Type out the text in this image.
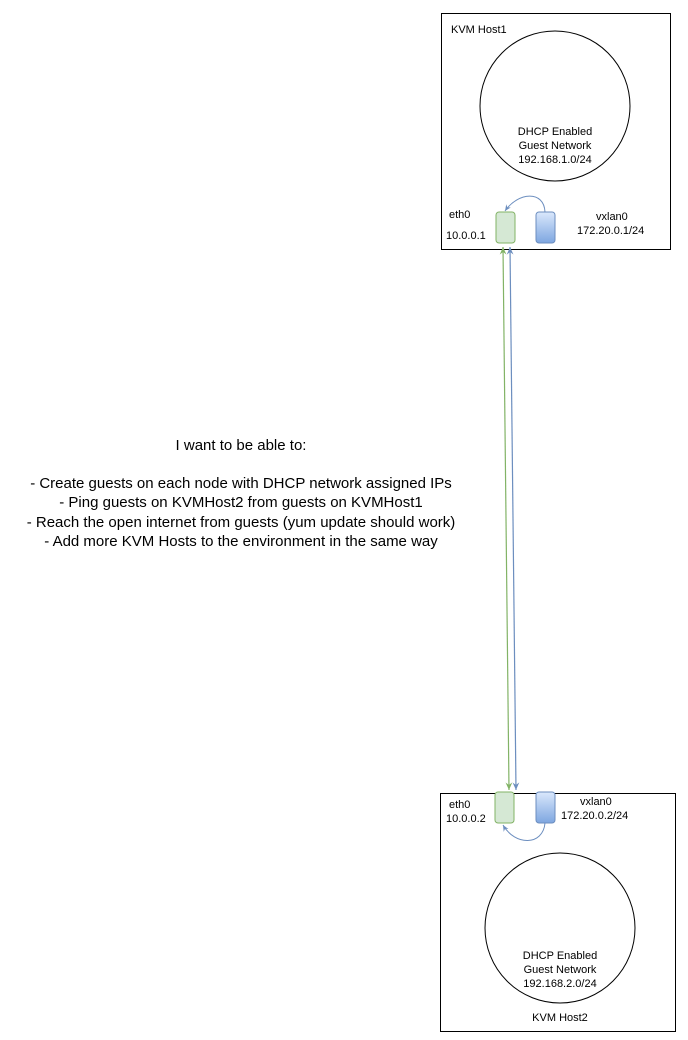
KVM Host1
DHCP Enabled
Guest Network
192.168.1.0/24
eth0
10.0.0.1
vxlan0
172.20.0.1/24
eth0
10.0.0.2
vxlan0
172.20.0.2/24
DHCP Enabled
Guest Network
192.168.2.0/24
KVM Host2
I want to be able to:
- Create guests on each node with DHCP network assigned IPs
- Ping guests on KVMHost2 from guests on KVMHost1
- Reach the open internet from guests (yum update should work)
- Add more KVM Hosts to the environment in the same way
